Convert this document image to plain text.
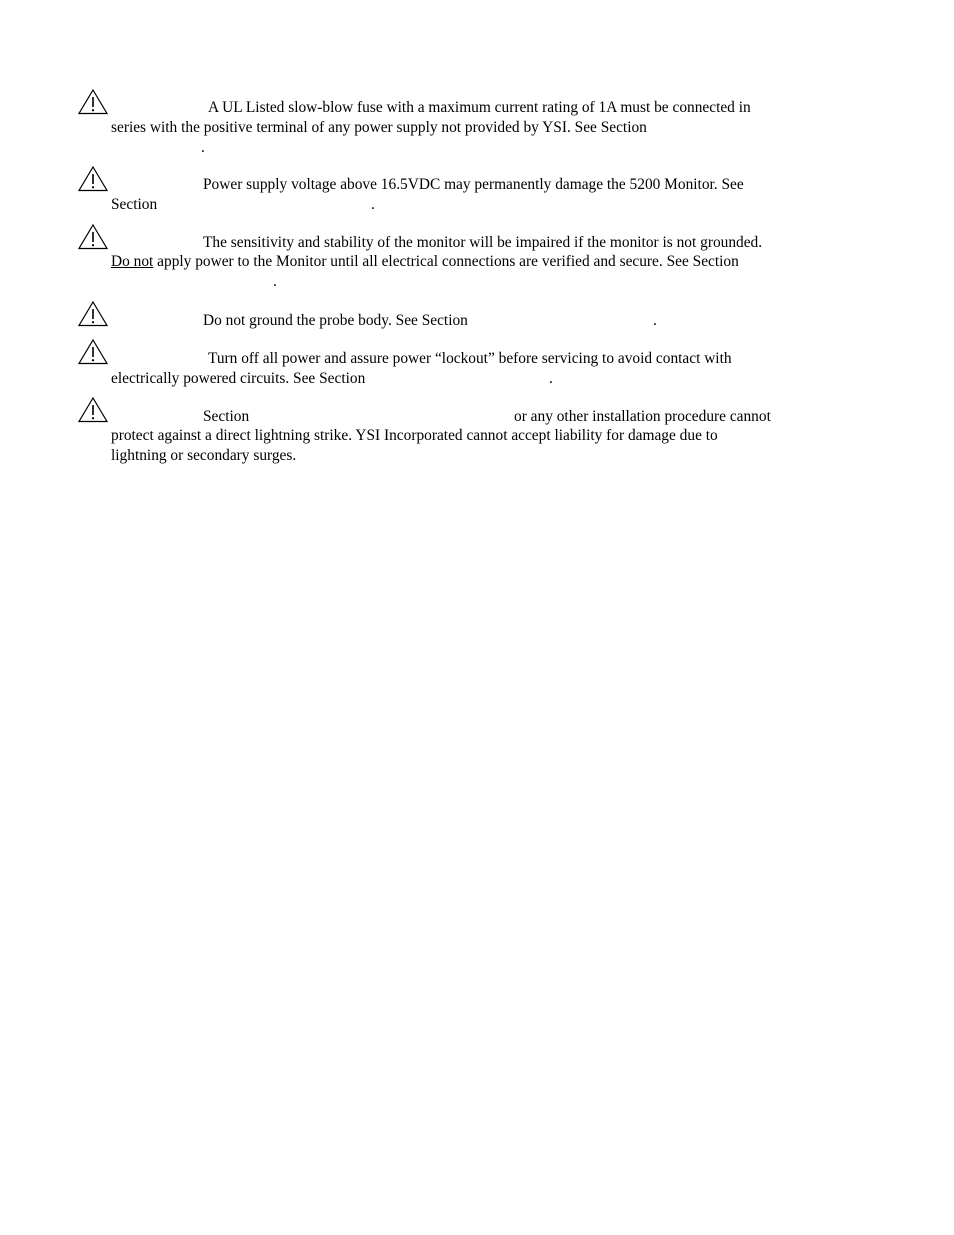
A UL Listed slow-blow fuse with a maximum current rating of 1A must be connected in
series with the positive terminal of any power supply not provided by YSI. See Section
.
Power supply voltage above 16.5VDC may permanently damage the 5200 Monitor. See
Section	.
The sensitivity and stability of the monitor will be impaired if the monitor is not grounded.
Do not apply power to the Monitor until all electrical connections are verified and secure. See Section
.
Do not ground the probe body. See Section	.
Turn off all power and assure power “lockout” before servicing to avoid contact with
electrically powered circuits. See Section	.
Section	or any other installation procedure cannot
protect against a direct lightning strike. YSI Incorporated cannot accept liability for damage due to
lightning or secondary surges.
